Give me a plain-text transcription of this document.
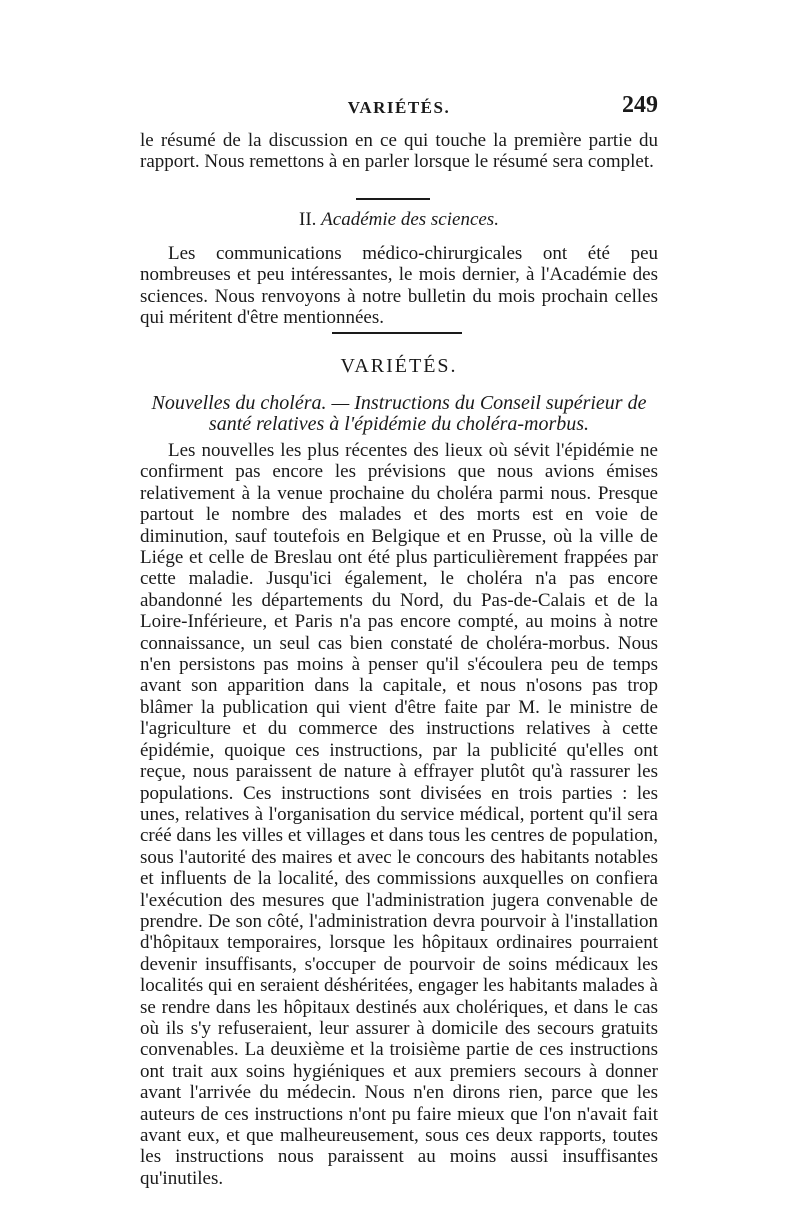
VARIÉTÉS.	249

le résumé de la discussion en ce qui touche la première partie du rapport. Nous remettons à en parler lorsque le résumé sera complet.

II. Académie des sciences.

Les communications médico-chirurgicales ont été peu nombreuses et peu intéressantes, le mois dernier, à l'Académie des sciences. Nous renvoyons à notre bulletin du mois prochain celles qui méritent d'être mentionnées.

VARIÉTÉS.
Nouvelles du choléra. — Instructions du Conseil supérieur de santé relatives à l'épidémie du choléra-morbus.

Les nouvelles les plus récentes des lieux où sévit l'épidémie ne confirment pas encore les prévisions que nous avions émises relativement à la venue prochaine du choléra parmi nous. Presque partout le nombre des malades et des morts est en voie de diminution, sauf toutefois en Belgique et en Prusse, où la ville de Liége et celle de Breslau ont été plus particulièrement frappées par cette maladie. Jusqu'ici également, le choléra n'a pas encore abandonné les départements du Nord, du Pas-de-Calais et de la Loire-Inférieure, et Paris n'a pas encore compté, au moins à notre connaissance, un seul cas bien constaté de choléra-morbus. Nous n'en persistons pas moins à penser qu'il s'écoulera peu de temps avant son apparition dans la capitale, et nous n'osons pas trop blâmer la publication qui vient d'être faite par M. le ministre de l'agriculture et du commerce des instructions relatives à cette épidémie, quoique ces instructions, par la publicité qu'elles ont reçue, nous paraissent de nature à effrayer plutôt qu'à rassurer les populations. Ces instructions sont divisées en trois parties : les unes, relatives à l'organisation du service médical, portent qu'il sera créé dans les villes et villages et dans tous les centres de population, sous l'autorité des maires et avec le concours des habitants notables et influents de la localité, des commissions auxquelles on confiera l'exécution des mesures que l'administration jugera convenable de prendre. De son côté, l'administration devra pourvoir à l'installation d'hôpitaux temporaires, lorsque les hôpitaux ordinaires pourraient devenir insuffisants, s'occuper de pourvoir de soins médicaux les localités qui en seraient déshéritées, engager les habitants malades à se rendre dans les hôpitaux destinés aux cholériques, et dans le cas où ils s'y refuseraient, leur assurer à domicile des secours gratuits convenables. La deuxième et la troisième partie de ces instructions ont trait aux soins hygiéniques et aux premiers secours à donner avant l'arrivée du médecin. Nous n'en dirons rien, parce que les auteurs de ces instructions n'ont pu faire mieux que l'on n'avait fait avant eux, et que malheureusement, sous ces deux rapports, toutes les instructions nous paraissent au moins aussi insuffisantes qu'inutiles.
